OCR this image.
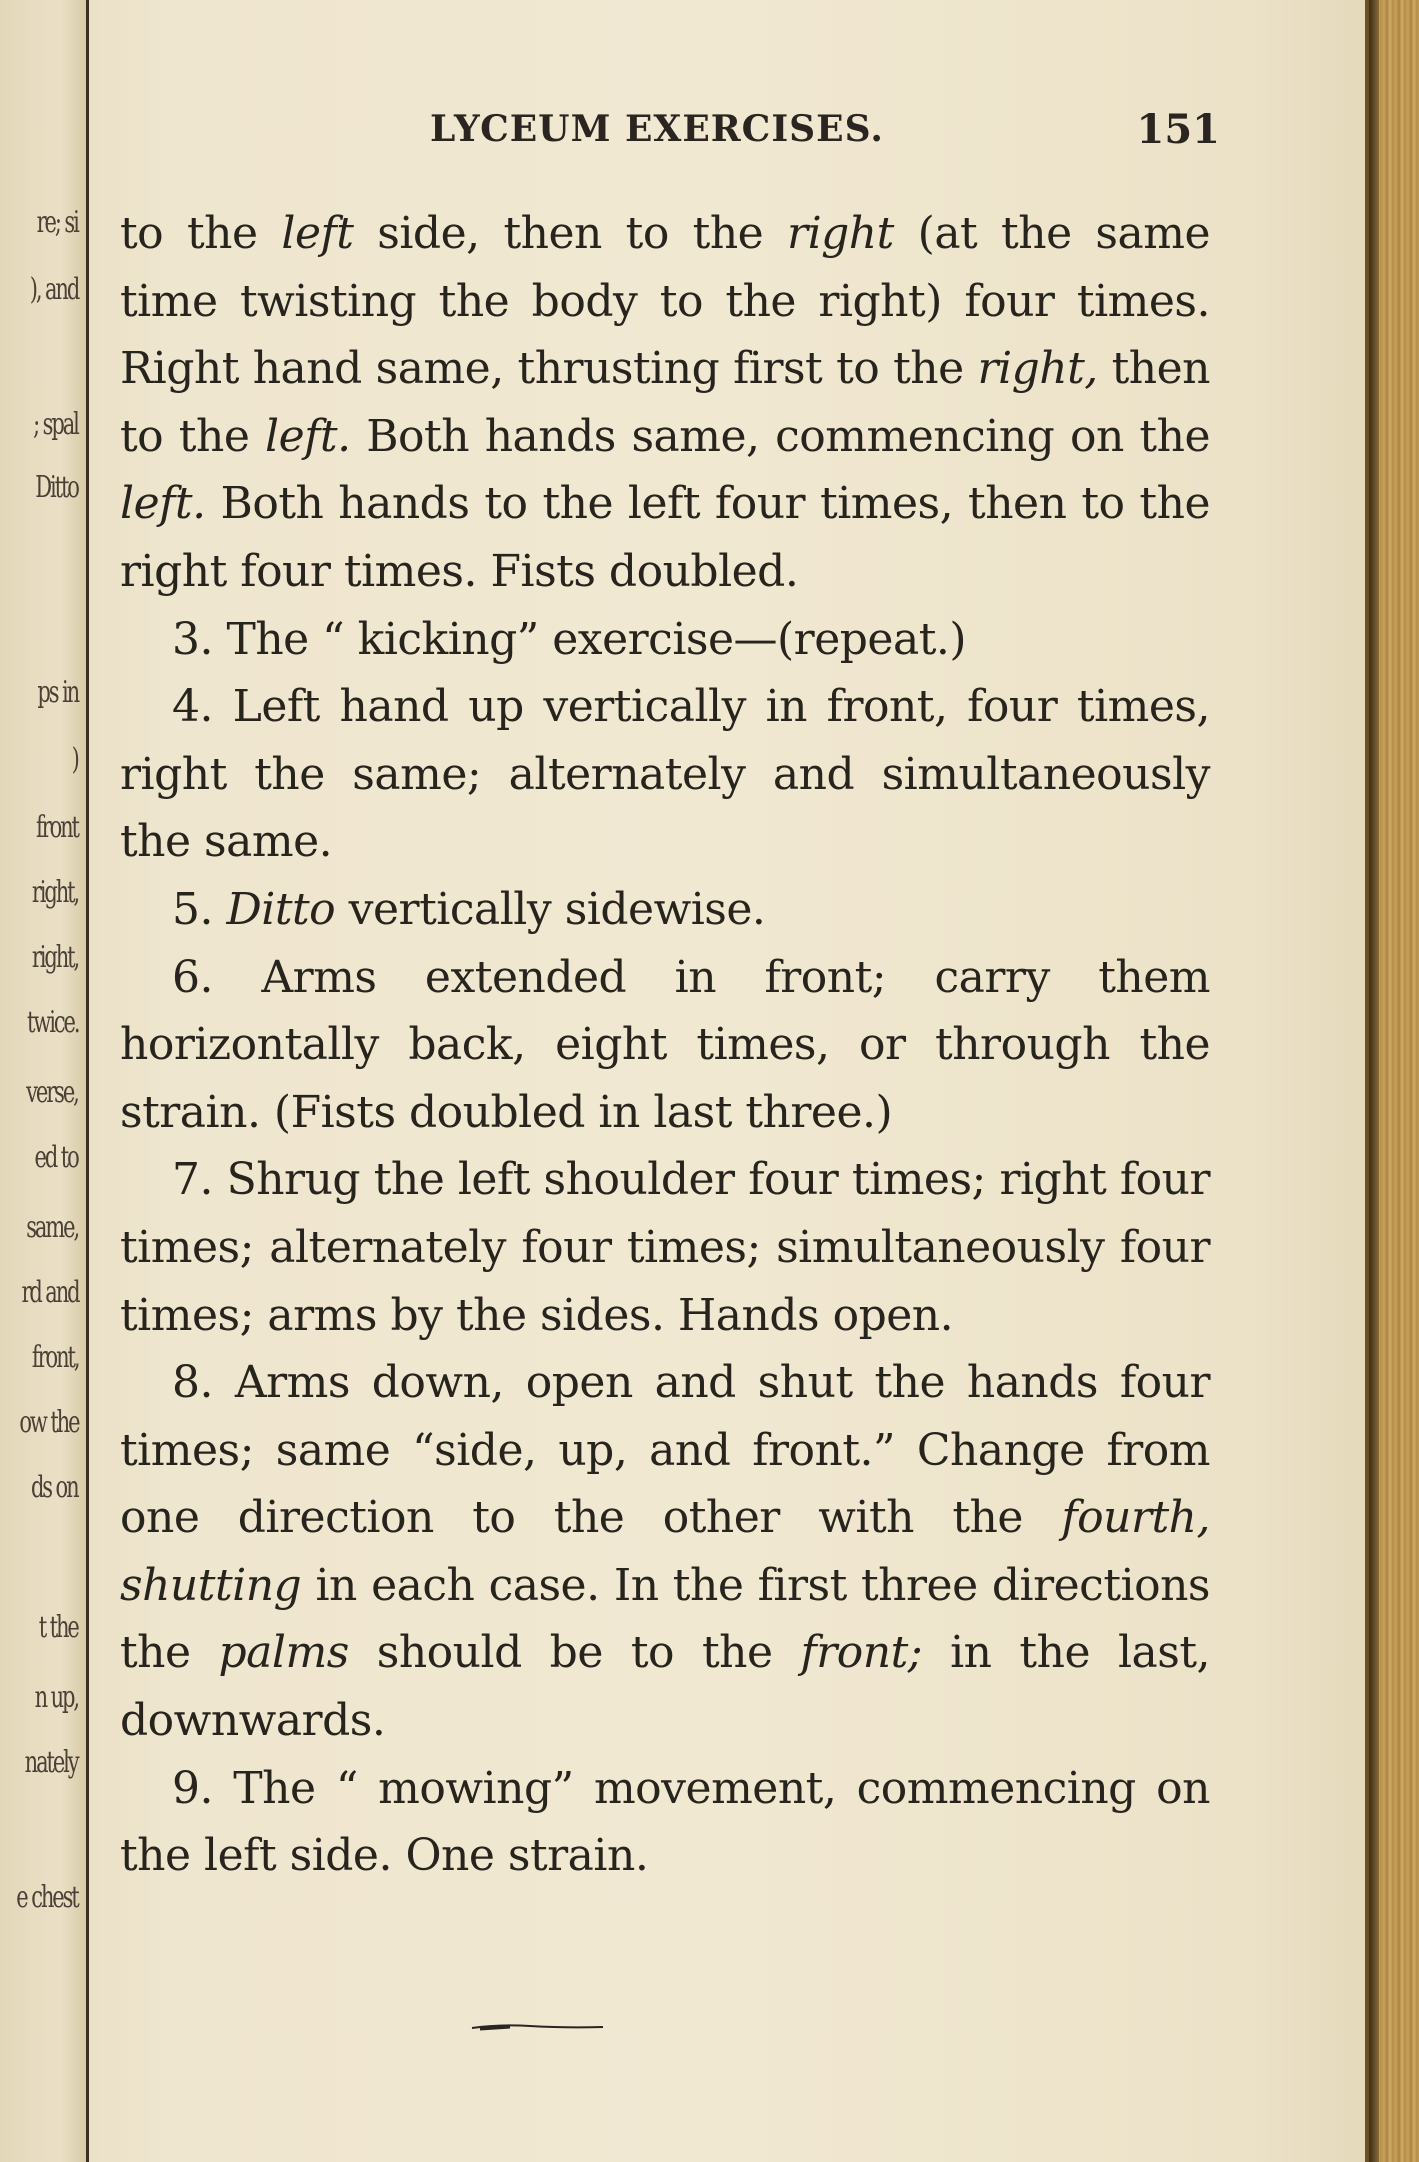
re; si
), and
; spal
Ditto
ps in
)
front
right,
right,
twice.
verse,
ed to
same,
rd and
front,
ow the
ds on
t the
n up,
nately
e chest
LYCEUM EXERCISES.	151

to the left side, then to the right (at the same time twisting the body to the right) four times. Right hand same, thrusting first to the right, then to the left. Both hands same, commencing on the left. Both hands to the left four times, then to the right four times. Fists doubled.

3. The “ kicking” exercise—(repeat.)

4. Left hand up vertically in front, four times, right the same; alternately and simultaneously the same.

5. Ditto vertically sidewise.

6. Arms extended in front; carry them horizontally back, eight times, or through the strain. (Fists doubled in last three.)

7. Shrug the left shoulder four times; right four times; alternately four times; simultaneously four times; arms by the sides. Hands open.

8. Arms down, open and shut the hands four times; same “side, up, and front.” Change from one direction to the other with the fourth, shutting in each case. In the first three directions the palms should be to the front; in the last, downwards.

9. The “ mowing” movement, commencing on the left side. One strain.
